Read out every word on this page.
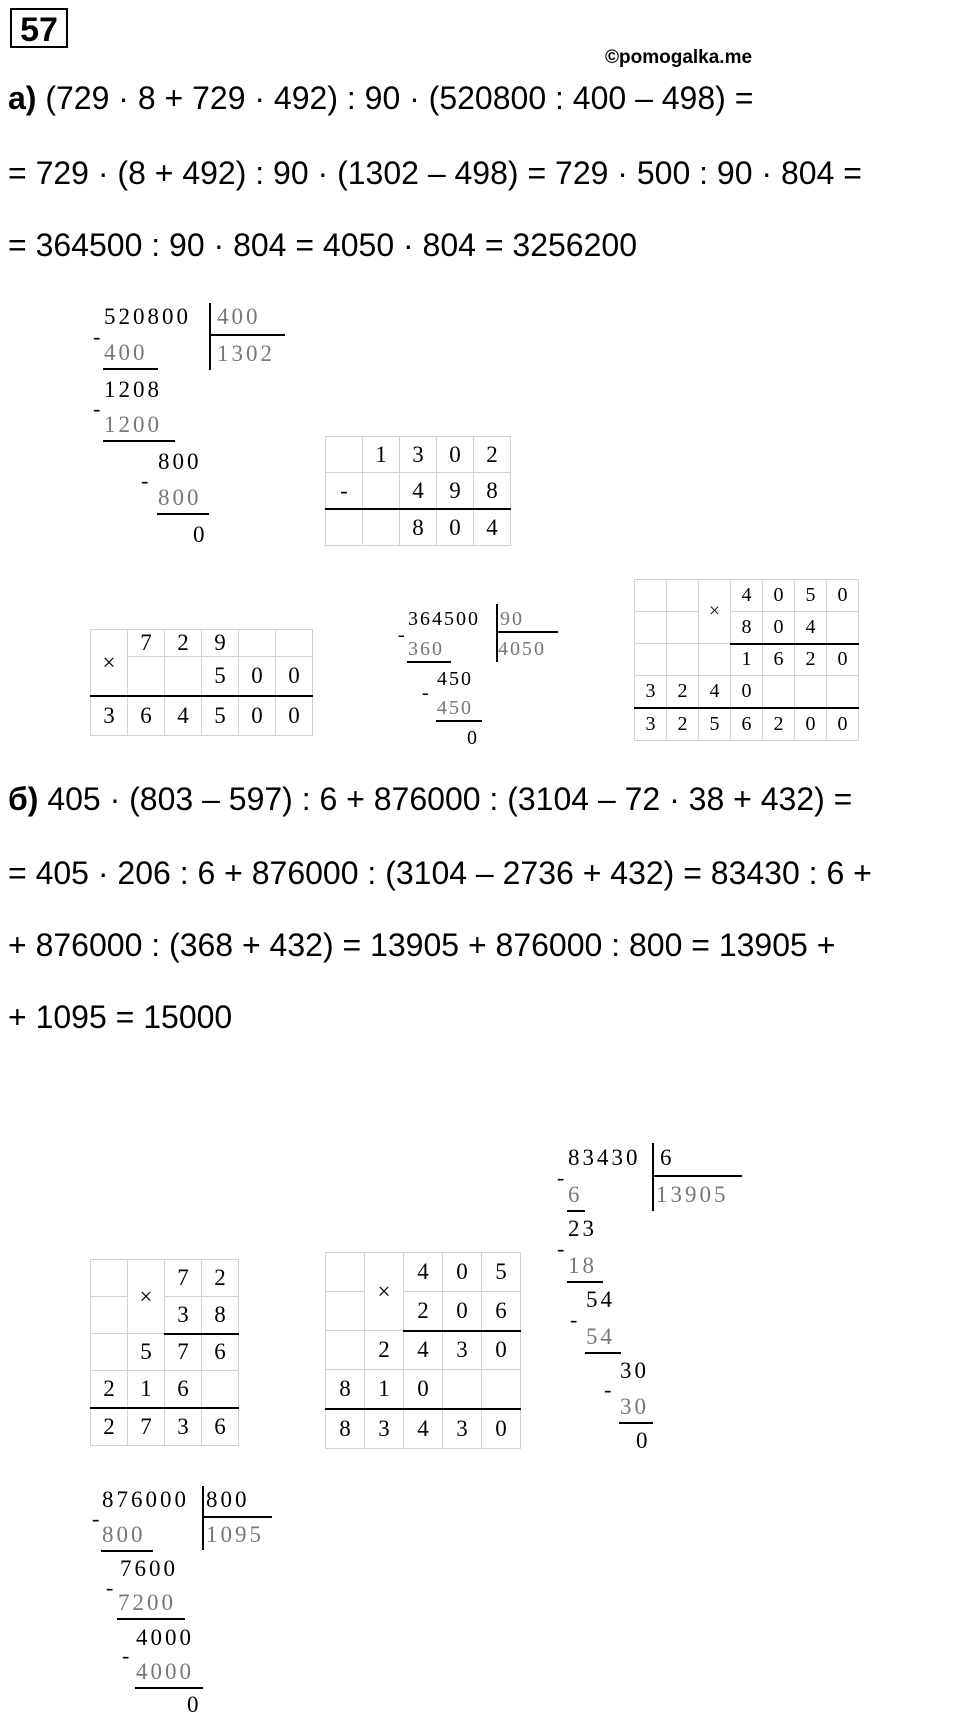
57
©pomogalka.me
а) (729 · 8 + 729 · 492) : 90 · (520800 : 400 – 498) =
= 729 · (8 + 492) : 90 · (1302 – 498) = 729 · 500 : 90 · 804 =
= 364500 : 90 · 804 = 4050 · 804 = 3256200
520800 400
1302
-
400
1208
-
1200
800
-
800
0
	1	3	0	2
-		4	9	8
		8	0	4
×	7	2	9		
			5	0	0
3	6	4	5	0	0
364500 90
4050
-
360
450
-
450
0
		×	4	0	5	0
			8	0	4	
			1	6	2	0
3	2	4	0			
3	2	5	6	2	0	0
б) 405 · (803 – 597) : 6 + 876000 : (3104 – 72 · 38 + 432) =
= 405 · 206 : 6 + 876000 : (3104 – 2736 + 432) = 83430 : 6 +
+ 876000 : (368 + 432) = 13905 + 876000 : 800 = 13905 +
+ 1095 = 15000
83430 6
13905
-
6
23
-
18
54
-
54
30
-
30
0
	×	7	2
		3	8
	5	7	6
2	1	6	
2	7	3	6
	×	4	0	5
		2	0	6
	2	4	3	0
8	1	0		
8	3	4	3	0
876000 800
1095
-
800
7600
-
7200
4000
-
4000
0
